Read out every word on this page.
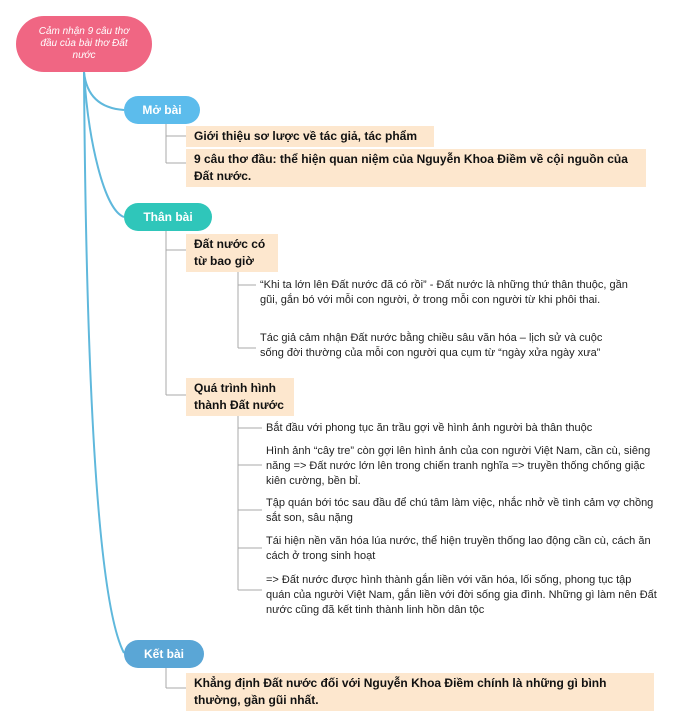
Cảm nhận 9 câu thơ đầu của bài thơ Đất nước
Mở bài
Giới thiệu sơ lược về tác giả, tác phẩm
9 câu thơ đầu: thể hiện quan niệm của Nguyễn Khoa Điềm về cội nguồn của Đất nước.
Thân bài
Đất nước có từ bao giờ
“Khi ta lớn lên Đất nước đã có rồi” - Đất nước là những thứ thân thuộc, gần gũi, gắn bó với mỗi con người, ở trong mỗi con người từ khi phôi thai.
Tác giả cảm nhận Đất nước bằng chiều sâu văn hóa – lịch sử và cuộc sống đời thường của mỗi con người qua cụm từ “ngày xửa ngày xưa”
Quá trình hình thành Đất nước
Bắt đầu với phong tục ăn trầu gợi về hình ảnh người bà thân thuộc
Hình ảnh “cây tre” còn gợi lên hình ảnh của con người Việt Nam, cần cù, siêng năng => Đất nước lớn lên trong chiến tranh nghĩa => truyền thống chống giặc kiên cường, bền bỉ.
Tập quán bới tóc sau đầu để chú tâm làm việc, nhắc nhở về tình cảm vợ chồng sắt son, sâu nặng
Tái hiện nền văn hóa lúa nước, thể hiện truyền thống lao động cần cù, cách ăn cách ở trong sinh hoạt
=> Đất nước được hình thành gắn liền với văn hóa, lối sống, phong tục tập quán của người Việt Nam, gắn liền với đời sống gia đình. Những gì làm nên Đất nước cũng đã kết tinh thành linh hồn dân tộc
Kết bài
Khẳng định Đất nước đối với Nguyễn Khoa Điềm chính là những gì bình thường, gần gũi nhất.
